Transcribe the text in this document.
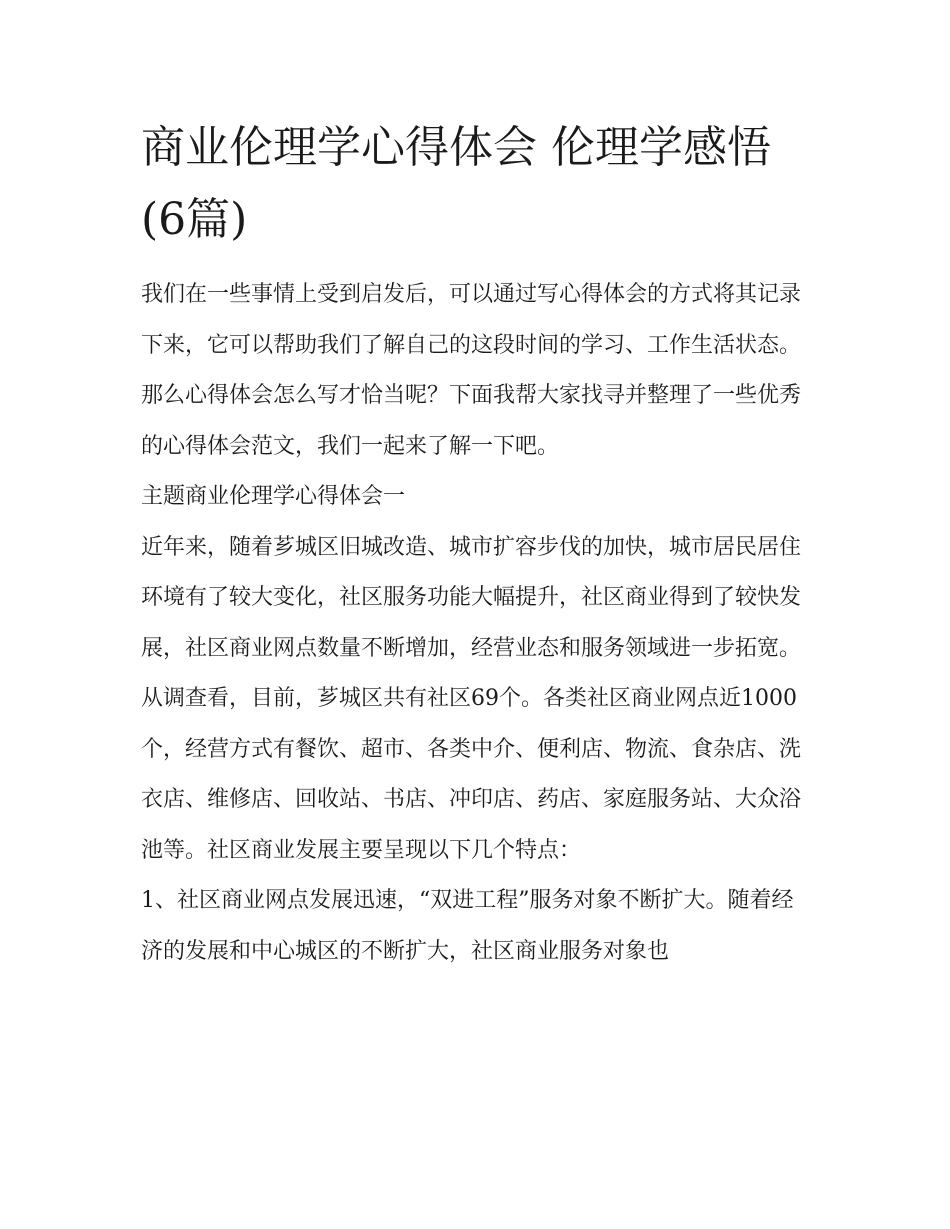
商业伦理学心得体会 伦理学感悟(6篇)

我们在一些事情上受到启发后，可以通过写心得体会的方式将其记录下来，它可以帮助我们了解自己的这段时间的学习、工作生活状态。那么心得体会怎么写才恰当呢？下面我帮大家找寻并整理了一些优秀的心得体会范文，我们一起来了解一下吧。

主题商业伦理学心得体会一

近年来，随着芗城区旧城改造、城市扩容步伐的加快，城市居民居住环境有了较大变化，社区服务功能大幅提升，社区商业得到了较快发展，社区商业网点数量不断增加，经营业态和服务领域进一步拓宽。从调查看，目前，芗城区共有社区69个。各类社区商业网点近1000个，经营方式有餐饮、超市、各类中介、便利店、物流、食杂店、洗衣店、维修店、回收站、书店、冲印店、药店、家庭服务站、大众浴池等。社区商业发展主要呈现以下几个特点：

1、社区商业网点发展迅速，“双进工程”服务对象不断扩大。随着经济的发展和中心城区的不断扩大，社区商业服务对象也
